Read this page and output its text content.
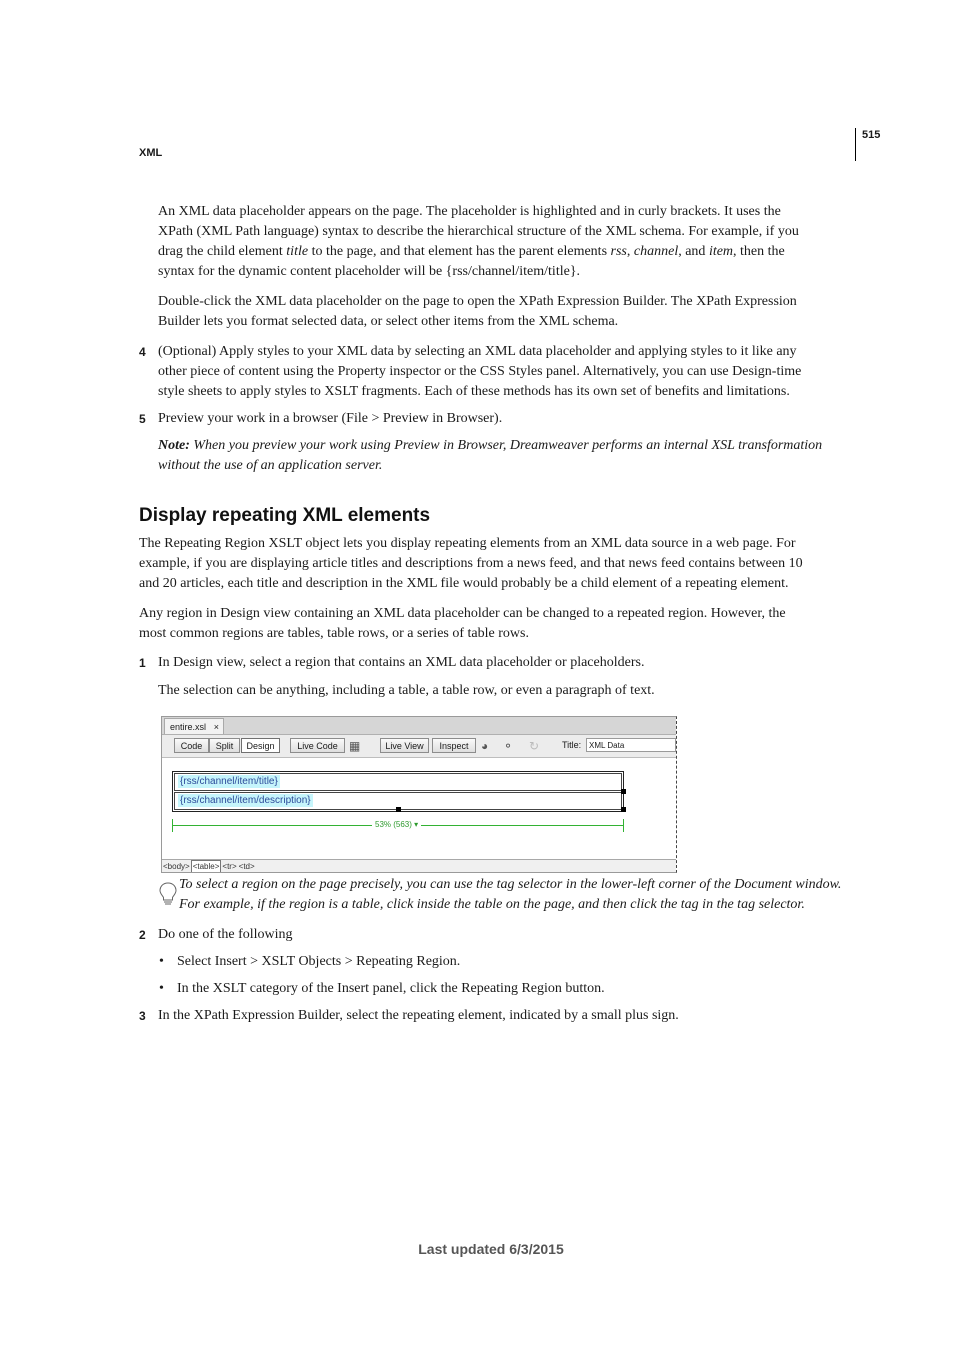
515
XML

An XML data placeholder appears on the page. The placeholder is highlighted and in curly brackets. It uses the

XPath (XML Path language) syntax to describe the hierarchical structure of the XML schema. For example, if you

drag the child element title to the page, and that element has the parent elements rss, channel, and item, then the

syntax for the dynamic content placeholder will be {rss/channel/item/title}.

Double-click the XML data placeholder on the page to open the XPath Expression Builder. The XPath Expression

Builder lets you format selected data, or select other items from the XML schema.

4 (Optional) Apply styles to your XML data by selecting an XML data placeholder and applying styles to it like any

other piece of content using the Property inspector or the CSS Styles panel. Alternatively, you can use Design-time

style sheets to apply styles to XSLT fragments. Each of these methods has its own set of benefits and limitations.

5 Preview your work in a browser (File > Preview in Browser).

Note: When you preview your work using Preview in Browser, Dreamweaver performs an internal XSL transformation

without the use of an application server.

Display repeating XML elements

The Repeating Region XSLT object lets you display repeating elements from an XML data source in a web page. For

example, if you are displaying article titles and descriptions from a news feed, and that news feed contains between 10

and 20 articles, each title and description in the XML file would probably be a child element of a repeating element.

Any region in Design view containing an XML data placeholder can be changed to a repeated region. However, the

most common regions are tables, table rows, or a series of table rows.

1 In Design view, select a region that contains an XML data placeholder or placeholders.

The selection can be anything, including a table, a table row, or even a paragraph of text.

entire.xsl ×
Code	Split	Design	Live Code ▦	Live View	Inspect	◕ ⚬ ↻	Title: XML Data
{rss/channel/item/title}
{rss/channel/item/description}
53% (563) ▾
<body> <table> <tr> <td>

To select a region on the page precisely, you can use the tag selector in the lower-left corner of the Document window.

For example, if the region is a table, click inside the table on the page, and then click the tag in the tag selector.

2 Do one of the following

• Select Insert > XSLT Objects > Repeating Region.

• In the XSLT category of the Insert panel, click the Repeating Region button.

3 In the XPath Expression Builder, select the repeating element, indicated by a small plus sign.

Last updated 6/3/2015
